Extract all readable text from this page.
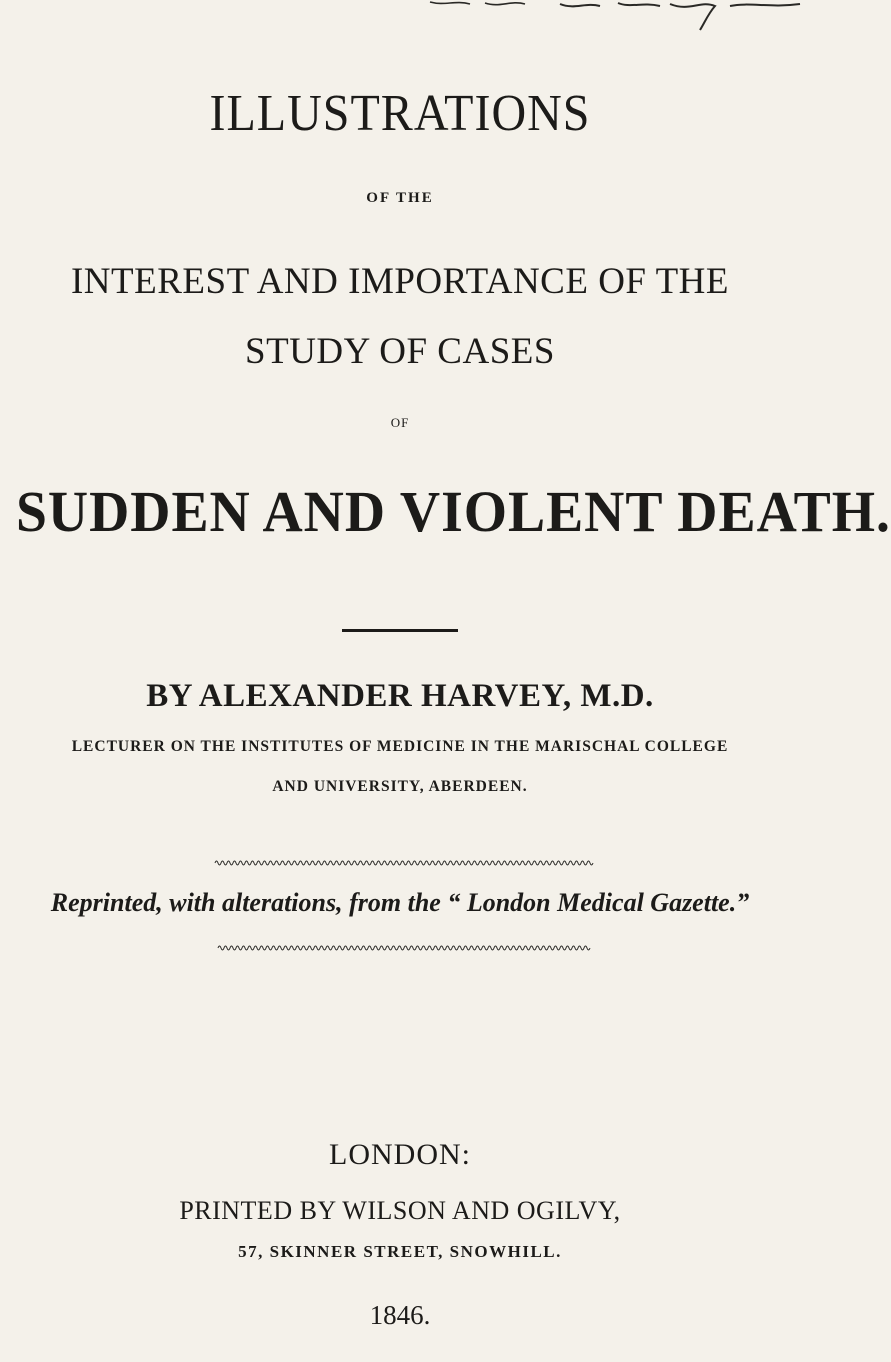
ILLUSTRATIONS
OF THE
INTEREST AND IMPORTANCE OF THE
STUDY OF CASES
OF
SUDDEN AND VIOLENT DEATH.
BY ALEXANDER HARVEY, M.D.
LECTURER ON THE INSTITUTES OF MEDICINE IN THE MARISCHAL COLLEGE
AND UNIVERSITY, ABERDEEN.
Reprinted, with alterations, from the “ London Medical Gazette.”
LONDON:
PRINTED BY WILSON AND OGILVY,
57, SKINNER STREET, SNOWHILL.
1846.
